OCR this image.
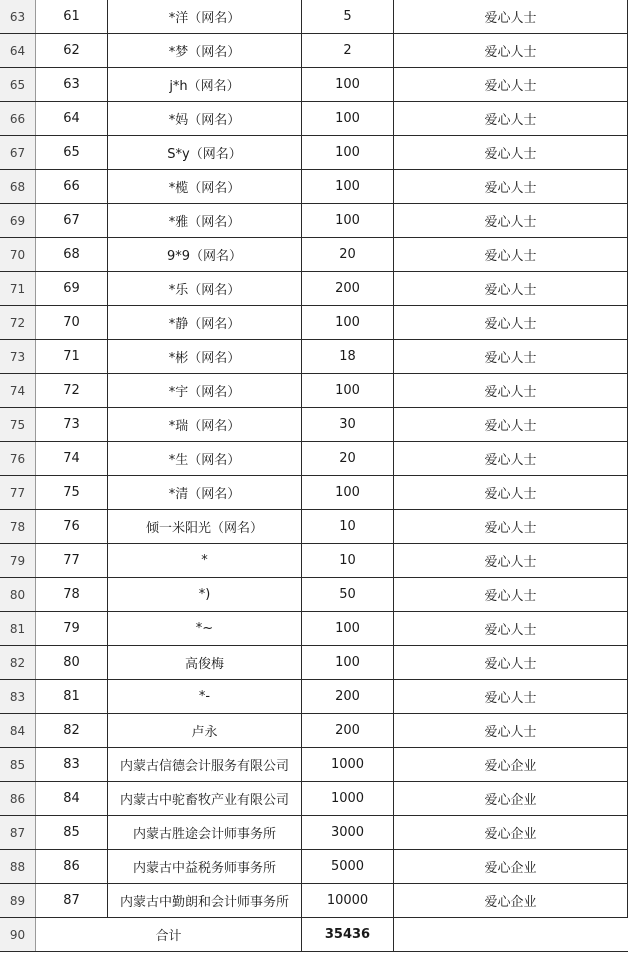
63	61	*洋（网名）	5	爱心人士
64	62	*梦（网名）	2	爱心人士
65	63	j*h（网名）	100	爱心人士
66	64	*妈（网名）	100	爱心人士
67	65	S*y（网名）	100	爱心人士
68	66	*榄（网名）	100	爱心人士
69	67	*雅（网名）	100	爱心人士
70	68	9*9（网名）	20	爱心人士
71	69	*乐（网名）	200	爱心人士
72	70	*静（网名）	100	爱心人士
73	71	*彬（网名）	18	爱心人士
74	72	*宇（网名）	100	爱心人士
75	73	*瑞（网名）	30	爱心人士
76	74	*生（网名）	20	爱心人士
77	75	*清（网名）	100	爱心人士
78	76	倾一米阳光（网名）	10	爱心人士
79	77	*	10	爱心人士
80	78	*)	50	爱心人士
81	79	*~	100	爱心人士
82	80	高俊梅	100	爱心人士
83	81	*-	200	爱心人士
84	82	卢永	200	爱心人士
85	83	内蒙古信德会计服务有限公司	1000	爱心企业
86	84	内蒙古中驼畜牧产业有限公司	1000	爱心企业
87	85	内蒙古胜途会计师事务所	3000	爱心企业
88	86	内蒙古中益税务师事务所	5000	爱心企业
89	87	内蒙古中勤朗和会计师事务所	10000	爱心企业
90	合计	35436
